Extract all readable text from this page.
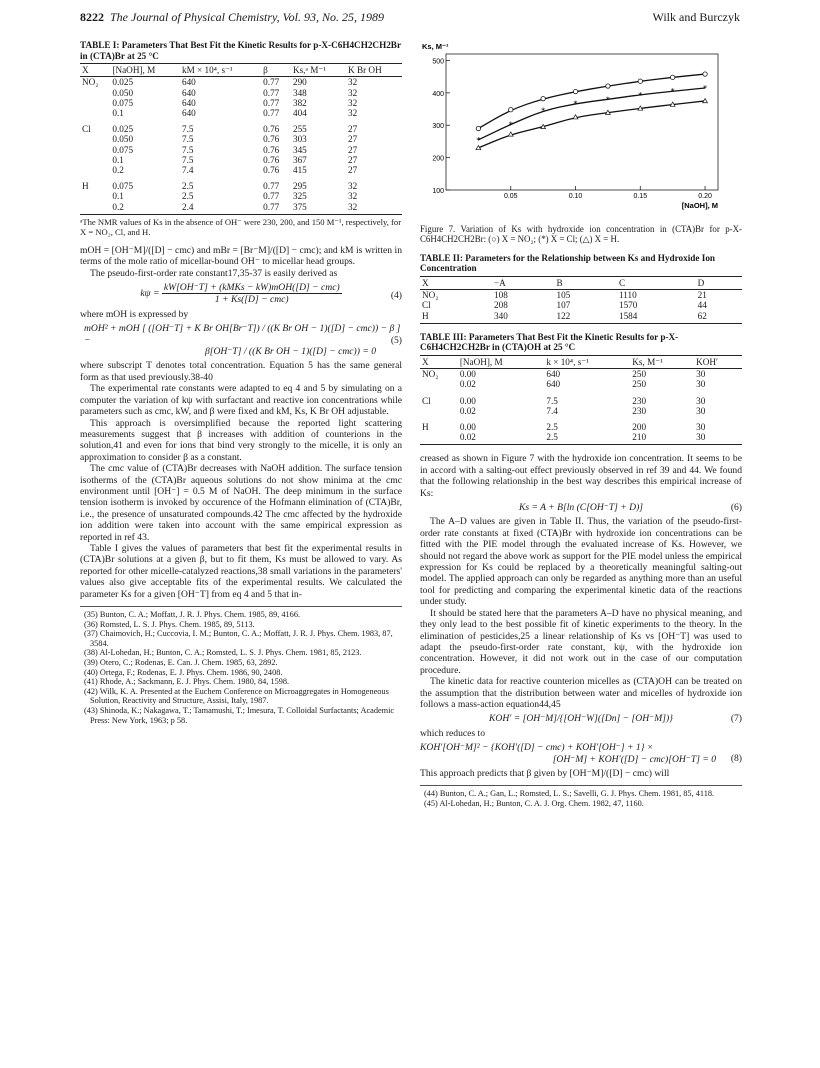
8222 The Journal of Physical Chemistry, Vol. 93, No. 25, 1989	Wilk and Burczyk
TABLE I: Parameters That Best Fit the Kinetic Results for p-X-C6H4CH2CH2Br in (CTA)Br at 25 °C
X	[NaOH], M	kM × 10⁴, s⁻¹	β	Ks,ᵃ M⁻¹	K Br OH
NO₂	0.025	640	0.77	290	32
	0.050	640	0.77	348	32
	0.075	640	0.77	382	32
	0.1	640	0.77	404	32

Cl	0.025	7.5	0.76	255	27
	0.050	7.5	0.76	303	27
	0.075	7.5	0.76	345	27
	0.1	7.5	0.76	367	27
	0.2	7.4	0.76	415	27

H	0.075	2.5	0.77	295	32
	0.1	2.5	0.77	325	32
	0.2	2.4	0.77	375	32
ᵃThe NMR values of Ks in the absence of OH⁻ were 230, 200, and 150 M⁻¹, respectively, for X = NO₂, Cl, and H.

mOH = [OH⁻M]/([D] − cmc) and mBr = [Br⁻M]/([D] − cmc); and kM is written in terms of the mole ratio of micellar-bound OH⁻ to micellar head groups.

The pseudo-first-order rate constant17,35-37 is easily derived as

$k\psi = \frac{\text{kW[OH⁻T] + (kMKs − kW)mOH([D] − cmc)}}{\text{1 + Ks([D] − cmc)}}$	(4)

where mOH is expressed by

mOH² + mOH [ ([OH⁻T] + K Br OH[Br⁻T]) / ((K Br OH − 1)([D] − cmc)) − β ] −
β[OH⁻T] / ((K Br OH − 1)([D] − cmc)) = 0
(5)

where subscript T denotes total concentration. Equation 5 has the same general form as that used previously.38-40

The experimental rate constants were adapted to eq 4 and 5 by simulating on a computer the variation of kψ with surfactant and reactive ion concentrations while parameters such as cmc, kW, and β were fixed and kM, Ks, K Br OH adjustable.

This approach is oversimplified because the reported light scattering measurements suggest that β increases with addition of counterions in the solution,41 and even for ions that bind very strongly to the micelle, it is only an approximation to consider β as a constant.

The cmc value of (CTA)Br decreases with NaOH addition. The surface tension isotherms of the (CTA)Br aqueous solutions do not show minima at the cmc environment until [OH⁻] = 0.5 M of NaOH. The deep minimum in the surface tension isotherm is invoked by occurence of the Hofmann elimination of (CTA)Br, i.e., the presence of unsaturated compounds.42 The cmc affected by the hydroxide ion addition were taken into account with the same empirical expression as reported in ref 43.

Table I gives the values of parameters that best fit the experimental results in (CTA)Br solutions at a given β, but to fit them, Ks must be allowed to vary. As reported for other micelle-catalyzed reactions,38 small variations in the parameters' values also give acceptable fits of the experimental results. We calculated the parameter Ks for a given [OH⁻T] from eq 4 and 5 that in-

(35) Bunton, C. A.; Moffatt, J. R. J. Phys. Chem. 1985, 89, 4166.
(36) Romsted, L. S. J. Phys. Chem. 1985, 89, 5113.
(37) Chaimovich, H.; Cuccovia, I. M.; Bunton, C. A.; Moffatt, J. R. J. Phys. Chem. 1983, 87, 3584.
(38) Al-Lohedan, H.; Bunton, C. A.; Romsted, L. S. J. Phys. Chem. 1981, 85, 2123.
(39) Otero, C.; Rodenas, E. Can. J. Chem. 1985, 63, 2892.
(40) Ortega, F.; Rodenas, E. J. Phys. Chem. 1986, 90, 2408.
(41) Rhode, A.; Sackmann, E. J. Phys. Chem. 1980, 84, 1598.
(42) Wilk, K. A. Presented at the Euchem Conference on Microaggregates in Homogeneous Solution, Reactivity and Structure, Assisi, Italy, 1987.
(43) Shinoda, K.; Nakagawa, T.; Tamamushi, T.; Imesura, T. Colloidal Surfactants; Academic Press: New York, 1963; p 58.
100
200
300
400
500
0.05	0.10	0.15	0.20
Ks, M⁻¹
[NaOH], M
*
*
*
*	*
*	*	*
Figure 7. Variation of Ks with hydroxide ion concentration in (CTA)Br for p-X-C6H4CH2CH2Br: (○) X = NO₂; (*) X = Cl; (△) X = H.
TABLE II: Parameters for the Relationship between Ks and Hydroxide Ion Concentration
X	−A	B	C	D
NO₂	108	105	1110	21
Cl	208	107	1570	44
H	340	122	1584	62
TABLE III: Parameters That Best Fit the Kinetic Results for p-X-C6H4CH2CH2Br in (CTA)OH at 25 °C
X	[NaOH], M	k × 10⁴, s⁻¹	Ks, M⁻¹	KOH′
NO₂	0.00	640	250	30
	0.02	640	250	30

Cl	0.00	7.5	230	30
	0.02	7.4	230	30

H	0.00	2.5	200	30
	0.02	2.5	210	30

creased as shown in Figure 7 with the hydroxide ion concentration. It seems to be in accord with a salting-out effect previously observed in ref 39 and 44. We found that the following relationship in the best way describes this empirical increase of Ks:

Ks = A + B[ln (C[OH⁻T] + D)]	(6)

The A–D values are given in Table II. Thus, the variation of the pseudo-first-order rate constants at fixed (CTA)Br with hydroxide ion concentrations can be fitted with the PIE model through the evaluated increase of Ks. However, we should not regard the above work as support for the PIE model unless the empirical expression for Ks could be replaced by a theoretically meaningful salting-out model. The applied approach can only be regarded as anything more than an useful tool for predicting and comparing the experimental kinetic data of the reactions under study.

It should be stated here that the parameters A–D have no physical meaning, and they only lead to the best possible fit of kinetic experiments to the theory. In the elimination of pesticides,25 a linear relationship of Ks vs [OH⁻T] was used to adapt the pseudo-first-order rate constant, kψ, with the hydroxide ion concentration. However, it did not work out in the case of our computation procedure.

The kinetic data for reactive counterion micelles as (CTA)OH can be treated on the assumption that the distribution between water and micelles of hydroxide ion follows a mass-action equation44,45

KOH′ = [OH⁻M]/{[OH⁻W]([Dn] − [OH⁻M])}	(7)

which reduces to

KOH′[OH⁻M]² − {KOH′([D] − cmc) + KOH′[OH⁻] + 1} ×
[OH⁻M] + KOH′([D] − cmc)[OH⁻T] = 0	(8)

This approach predicts that β given by [OH⁻M]/([D] − cmc) will

(44) Bunton, C. A.; Gan, L.; Romsted, L. S.; Savelli, G. J. Phys. Chem. 1981, 85, 4118.
(45) Al-Lohedan, H.; Bunton, C. A. J. Org. Chem. 1982, 47, 1160.
